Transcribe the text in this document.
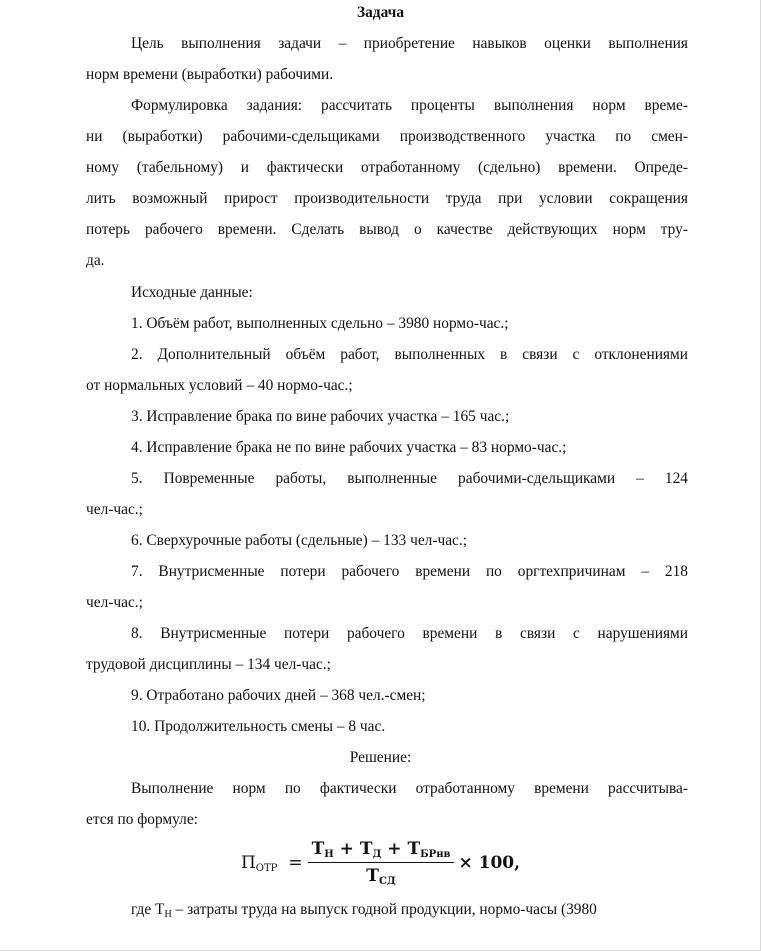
Задача
Цель выполнения задачи – приобретение навыков оценки выполнения
норм времени (выработки) рабочими.
Формулировка задания: рассчитать проценты выполнения норм време-
ни (выработки) рабочими-сдельщиками производственного участка по смен-
ному (табельному) и фактически отработанному (сдельно) времени. Опреде-
лить возможный прирост производительности труда при условии сокращения
потерь рабочего времени. Сделать вывод о качестве действующих норм тру-
да.
Исходные данные:
1. Объём работ, выполненных сдельно – 3980 нормо-час.;
2. Дополнительный объём работ, выполненных в связи с отклонениями
от нормальных условий – 40 нормо-час.;
3. Исправление брака по вине рабочих участка – 165 час.;
4. Исправление брака не по вине рабочих участка – 83 нормо-час.;
5. Повременные работы, выполненные рабочими-сдельщиками – 124
чел-час.;
6. Сверхурочные работы (сдельные) – 133 чел-час.;
7. Внутрисменные потери рабочего времени по оргтехпричинам – 218
чел-час.;
8. Внутрисменные потери рабочего времени в связи с нарушениями
трудовой дисциплины – 134 чел-час.;
9. Отработано рабочих дней – 368 чел.-смен;
10. Продолжительность смены – 8 час.
Решение:
Выполнение норм по фактически отработанному времени рассчитыва-
ется по формуле:
$П_{ОТР} = \frac{Т_Н + Т_Д + Т_{БРнв}}{Т_{СД}} \times 100$,
где $Т_Н$ – затраты труда на выпуск годной продукции, нормо-часы (3980
